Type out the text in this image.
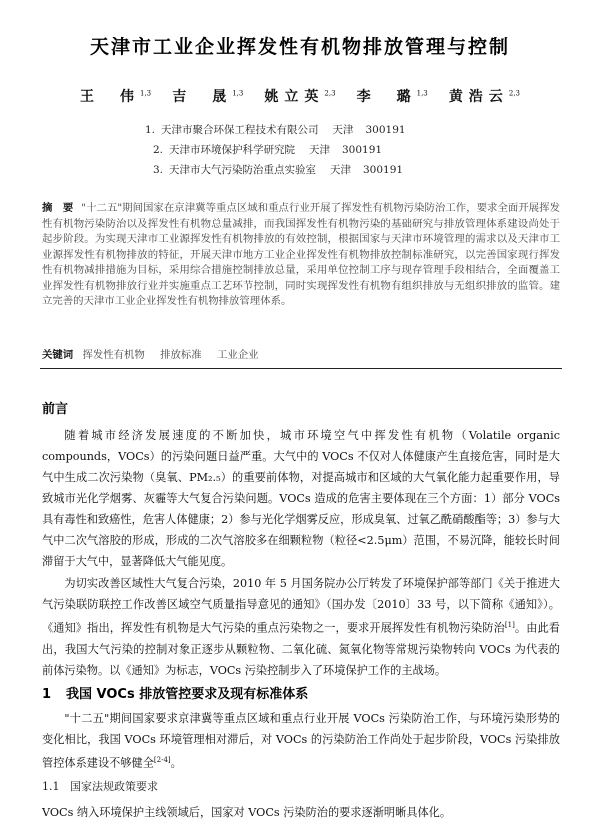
天津市工业企业挥发性有机物排放管理与控制
王　伟$^{1,3}$ 吉　晟$^{1,3}$ 姚立英$^{2,3}$ 李　璐$^{1,3}$ 黄浩云$^{2,3}$
1. 天津市聚合环保工程技术有限公司 天津 300191
2. 天津市环境保护科学研究院 天津 300191
3. 天津市大气污染防治重点实验室 天津 300191
摘　要 "十二五"期间国家在京津冀等重点区域和重点行业开展了挥发性有机物污染防治工作，要求全面开展挥发性有机物污染防治以及挥发性有机物总量减排，而我国挥发性有机物污染的基础研究与排放管理体系建设尚处于起步阶段。为实现天津市工业源挥发性有机物排放的有效控制，根据国家与天津市环境管理的需求以及天津市工业源挥发性有机物排放的特征，开展天津市地方工业企业挥发性有机物排放控制标准研究，以完善国家现行挥发性有机物减排措施为目标，采用综合措施控制排放总量，采用单位控制工序与现存管理手段相结合，全面覆盖工业挥发性有机物排放行业并实施重点工艺环节控制，同时实现挥发性有机物有组织排放与无组织排放的监管。建立完善的天津市工业企业挥发性有机物排放管理体系。
关键词 挥发性有机物 排放标准 工业企业
前言
随着城市经济发展速度的不断加快，城市环境空气中挥发性有机物（Volatile organic compounds，VOCs）的污染问题日益严重。大气中的 VOCs 不仅对人体健康产生直接危害，同时是大气中生成二次污染物（臭氧、PM₂.₅）的重要前体物，对提高城市和区域的大气氧化能力起重要作用，导致城市光化学烟雾、灰霾等大气复合污染问题。VOCs 造成的危害主要体现在三个方面：1）部分 VOCs 具有毒性和致癌性，危害人体健康；2）参与光化学烟雾反应，形成臭氧、过氧乙酰硝酸酯等；3）参与大气中二次气溶胶的形成，形成的二次气溶胶多在细颗粒物（粒径<2.5μm）范围，不易沉降，能较长时间滞留于大气中，显著降低大气能见度。
为切实改善区域性大气复合污染，2010 年 5 月国务院办公厅转发了环境保护部等部门《关于推进大气污染联防联控工作改善区域空气质量指导意见的通知》（国办发〔2010〕33 号，以下简称《通知》）。《通知》指出，挥发性有机物是大气污染的重点污染物之一，要求开展挥发性有机物污染防治[1]。由此看出，我国大气污染的控制对象正逐步从颗粒物、二氧化硫、氮氧化物等常规污染物转向 VOCs 为代表的前体污染物。以《通知》为标志，VOCs 污染控制步入了环境保护工作的主战场。
1 我国 VOCs 排放管控要求及现有标准体系
"十二五"期间国家要求京津冀等重点区域和重点行业开展 VOCs 污染防治工作，与环境污染形势的变化相比，我国 VOCs 环境管理相对滞后，对 VOCs 的污染防治工作尚处于起步阶段，VOCs 污染排放管控体系建设不够健全[2-4]。
1.1 国家法规政策要求
VOCs 纳入环境保护主线领域后，国家对 VOCs 污染防治的要求逐渐明晰具体化。
